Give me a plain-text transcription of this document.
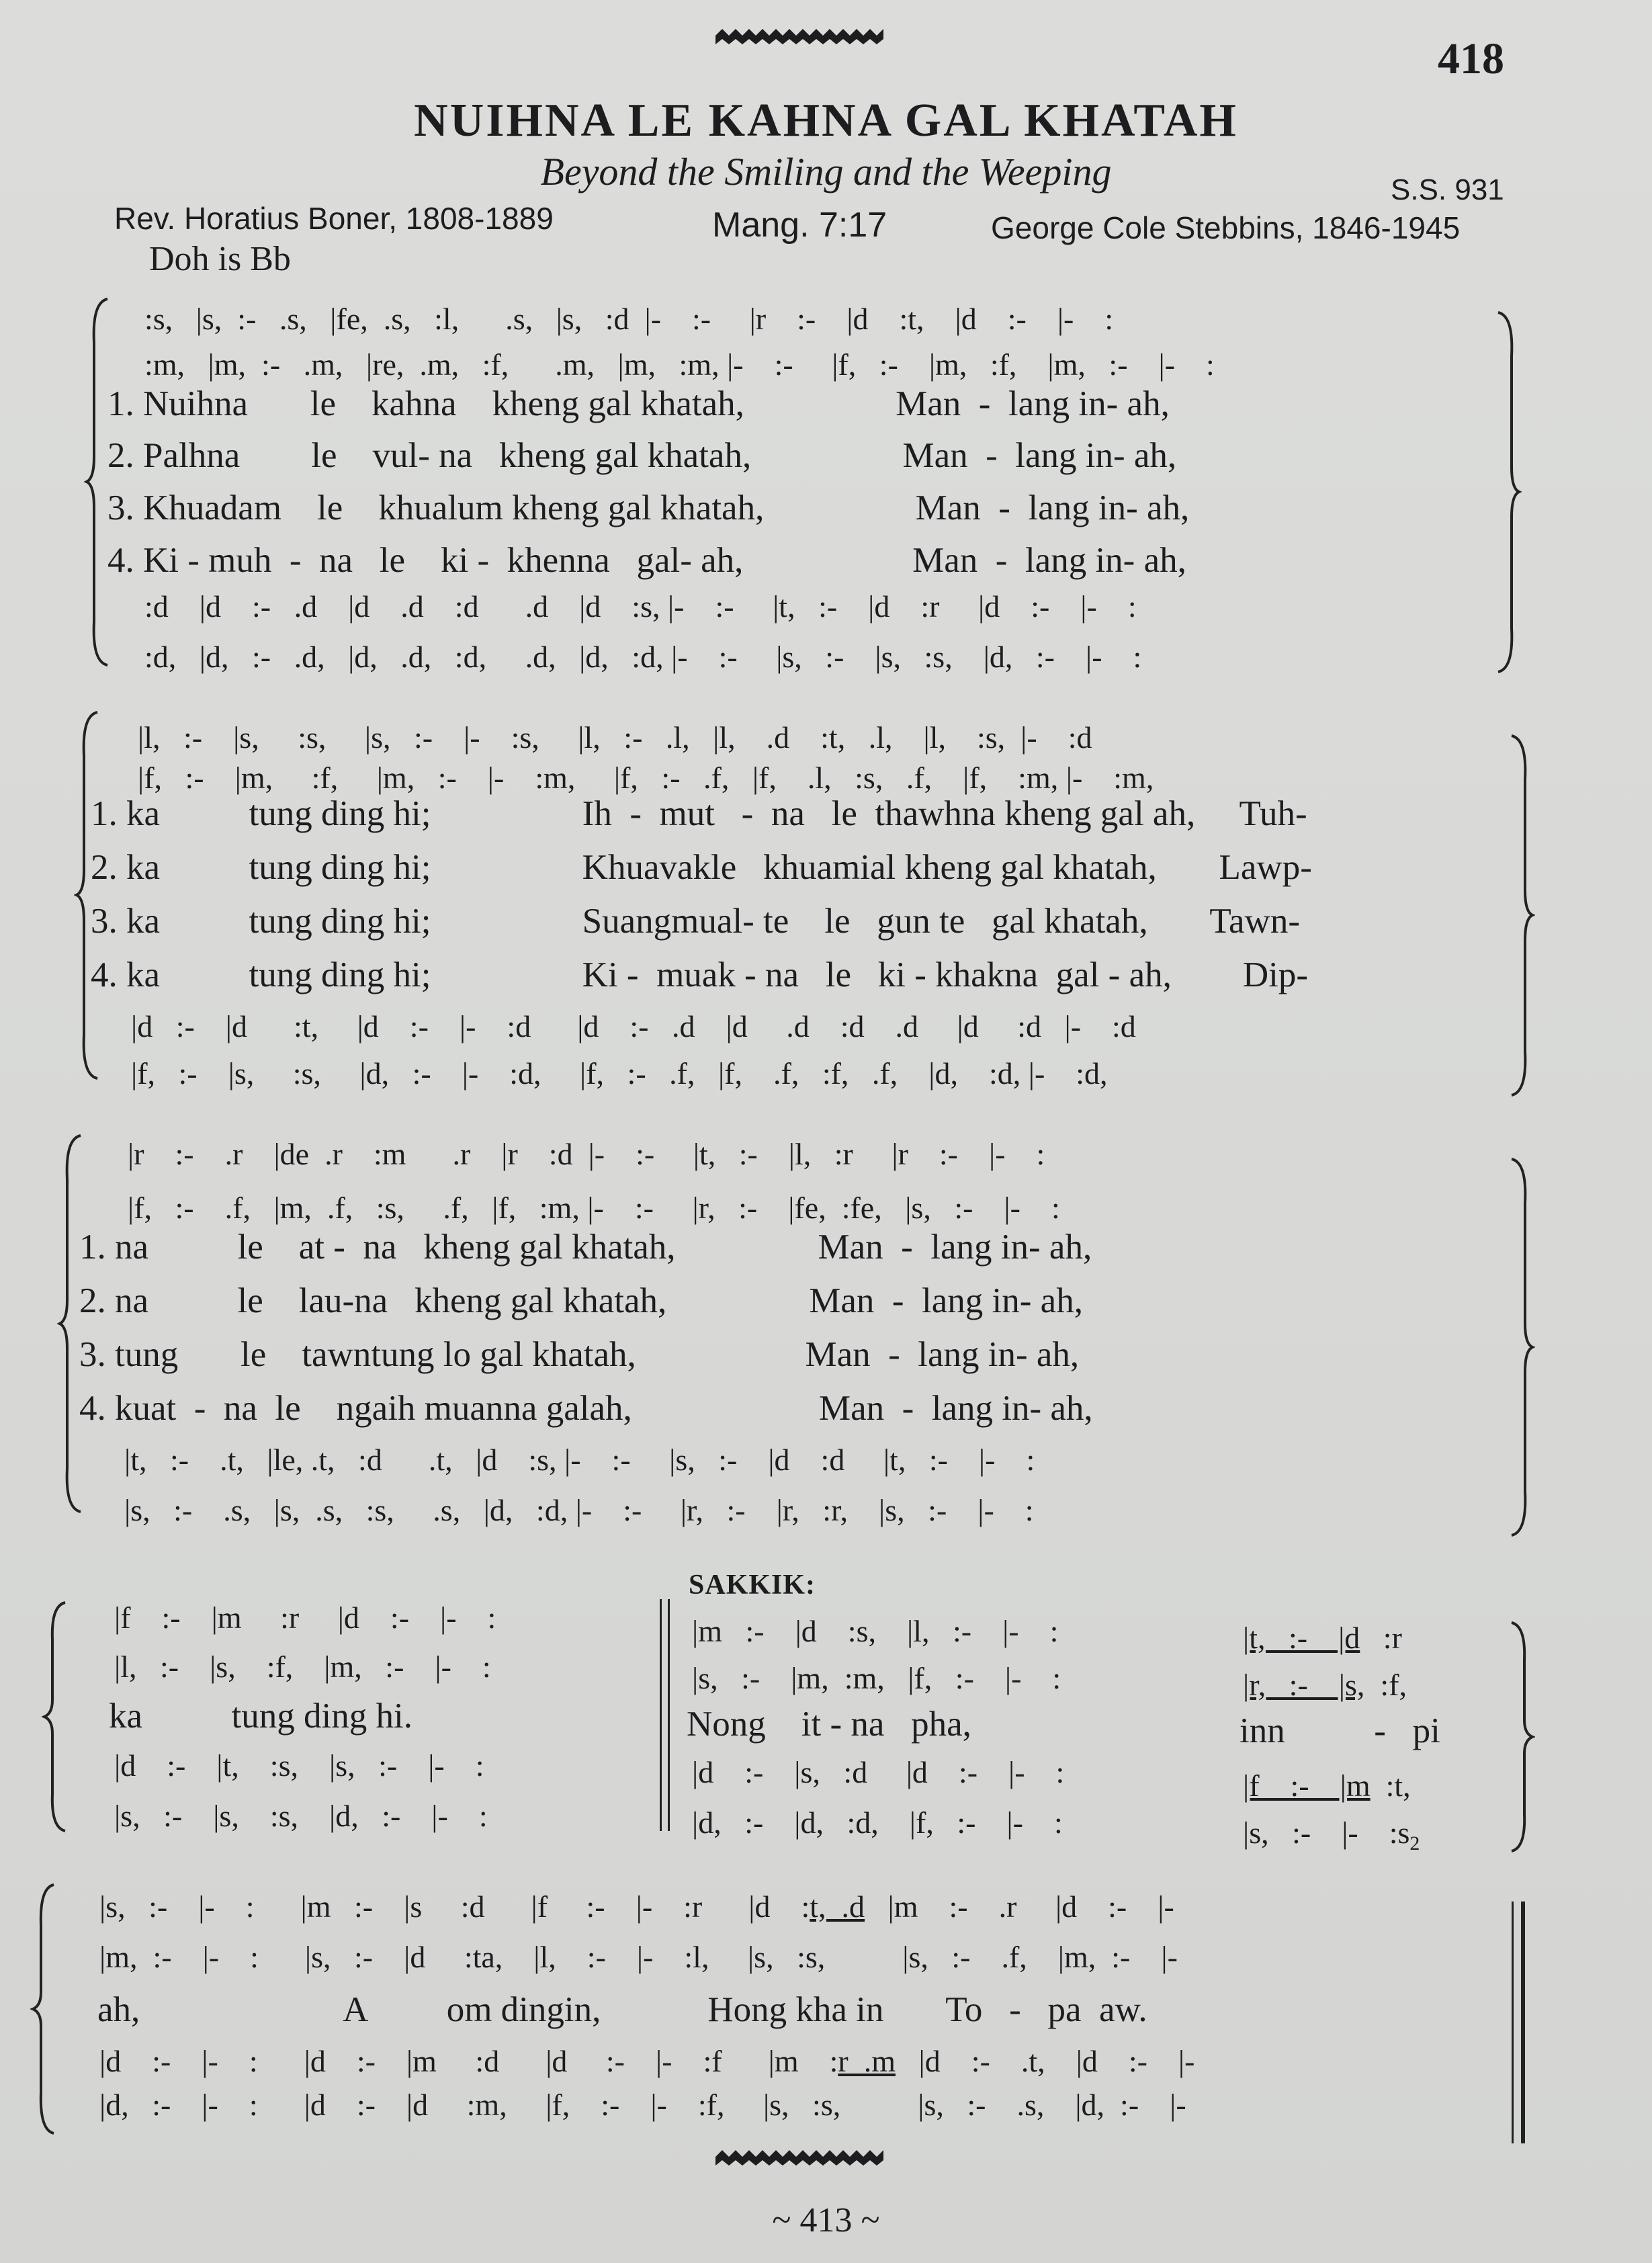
418
NUIHNA LE KAHNA GAL KHATAH
Beyond the Smiling and the Weeping	S.S. 931
Rev. Horatius Boner, 1808-1889	Mang. 7:17	George Cole Stebbins, 1846-1945
Doh is Bb
:s,   |s,  :-   .s,   |fe,  .s,   :l,      .s,   |s,   :d  |-    :-     |r    :-    |d    :t,    |d    :-    |-    :
:m,   |m,  :-   .m,   |re,  .m,   :f,      .m,   |m,   :m, |-    :-     |f,   :-    |m,   :f,    |m,   :-    |-    :
1. Nuihna       le    kahna    kheng gal khatah,                 Man  -  lang in- ah,
2. Palhna        le    vul- na   kheng gal khatah,                 Man  -  lang in- ah,
3. Khuadam    le    khualum kheng gal khatah,                 Man  -  lang in- ah,
4. Ki - muh  -  na   le    ki -  khenna   gal- ah,                   Man  -  lang in- ah,
:d    |d    :-   .d    |d    .d    :d      .d    |d    :s, |-    :-     |t,   :-    |d    :r     |d    :-    |-    :
:d,   |d,   :-   .d,   |d,   .d,   :d,     .d,   |d,   :d, |-    :-     |s,   :-    |s,   :s,    |d,   :-    |-    :
|l,   :-    |s,     :s,     |s,   :-    |-    :s,     |l,   :-   .l,   |l,    .d    :t,   .l,    |l,    :s,  |-    :d
|f,   :-    |m,     :f,     |m,   :-    |-    :m,     |f,   :-   .f,   |f,    .l,   :s,   .f,    |f,    :m, |-    :m,
1. ka          tung ding hi;                 Ih  -  mut   -  na   le  thawhna kheng gal ah,     Tuh-
2. ka          tung ding hi;                 Khuavakle   khuamial kheng gal khatah,       Lawp-
3. ka          tung ding hi;                 Suangmual- te    le   gun te   gal khatah,       Tawn-
4. ka          tung ding hi;                 Ki -  muak - na   le   ki - khakna  gal - ah,        Dip-
|d   :-    |d      :t,     |d    :-    |-    :d      |d    :-   .d    |d     .d    :d    .d     |d     :d   |-    :d
|f,   :-    |s,     :s,     |d,   :-    |-    :d,     |f,   :-   .f,   |f,    .f,   :f,   .f,    |d,    :d, |-    :d,
|r    :-    .r    |de  .r    :m      .r    |r    :d  |-    :-     |t,   :-    |l,   :r     |r    :-    |-    :
|f,   :-    .f,   |m,  .f,   :s,     .f,   |f,   :m, |-    :-     |r,   :-    |fe,  :fe,   |s,   :-    |-    :
1. na          le    at -  na   kheng gal khatah,                Man  -  lang in- ah,
2. na          le    lau-na   kheng gal khatah,                Man  -  lang in- ah,
3. tung       le    tawntung lo gal khatah,                   Man  -  lang in- ah,
4. kuat  -  na  le    ngaih muanna galah,                     Man  -  lang in- ah,
|t,   :-    .t,   |le, .t,   :d      .t,   |d    :s, |-    :-     |s,   :-    |d    :d     |t,   :-    |-    :
|s,   :-    .s,   |s,  .s,   :s,     .s,   |d,   :d, |-    :-     |r,   :-    |r,   :r,    |s,   :-    |-    :
SAKKIK:
|f    :-    |m     :r     |d    :-    |-    :
|l,   :-    |s,    :f,    |m,   :-    |-    :
ka          tung ding hi.
|d    :-    |t,    :s,    |s,   :-    |-    :
|s,   :-    |s,    :s,    |d,   :-    |-    :
|m   :-    |d    :s,    |l,   :-    |-    :
|s,   :-    |m,  :m,   |f,   :-    |-    :
Nong    it - na   pha,
|d    :-    |s,   :d     |d    :-    |-    :
|d,   :-    |d,   :d,    |f,   :-    |-    :
|t,   :-    |d   :r
|r,   :-    |s,  :f,
inn          -   pi
|f    :-    |m  :t,
|s,   :-    |-    $:s_2$
|s,   :-    |-    :      |m   :-    |s     :d      |f     :-    |-    :r      |d    :t,  .d   |m    :-    .r     |d    :-    |-
|m,  :-    |-    :      |s,   :-    |d     :ta,    |l,    :-    |-    :l,     |s,   :s,          |s,   :-    .f,    |m,  :-    |-
ah,                       A         om dingin,            Hong kha in       To   -   pa  aw.
|d    :-    |-    :      |d    :-    |m     :d      |d     :-    |-    :f      |m    :r  .m   |d    :-    .t,    |d    :-    |-
|d,   :-    |-    :      |d    :-    |d     :m,     |f,    :-    |-    :f,     |s,   :s,          |s,   :-    .s,    |d,  :-    |-
~ 413 ~
